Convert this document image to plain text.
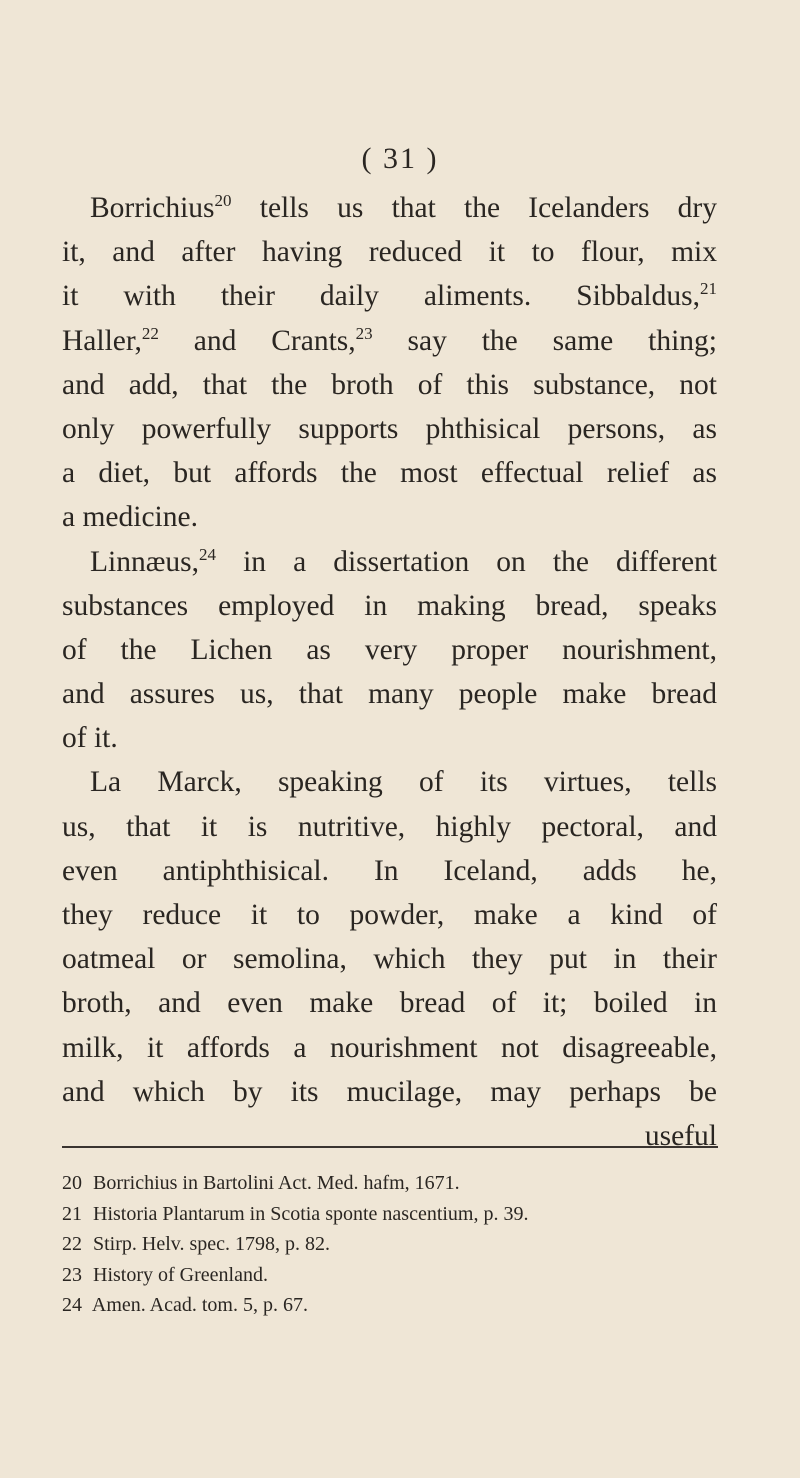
( 31 )
Borrichius$^{20}$ tells us that the Icelanders dry
it, and after having reduced it to flour, mix
it with their daily aliments. Sibbaldus,$^{21}$
Haller,$^{22}$ and Crants,$^{23}$ say the same thing;
and add, that the broth of this substance, not
only powerfully supports phthisical persons, as
a diet, but affords the most effectual relief as
a medicine.
Linnæus,$^{24}$ in a dissertation on the different
substances employed in making bread, speaks
of the Lichen as very proper nourishment,
and assures us, that many people make bread
of it.
La Marck, speaking of its virtues, tells
us, that it is nutritive, highly pectoral, and
even antiphthisical. In Iceland, adds he,
they reduce it to powder, make a kind of
oatmeal or semolina, which they put in their
broth, and even make bread of it; boiled in
milk, it affords a nourishment not disagreeable,
and which by its mucilage, may perhaps be
useful
20 Borrichius in Bartolini Act. Med. hafm, 1671.
21 Historia Plantarum in Scotia sponte nascentium, p. 39.
22 Stirp. Helv. spec. 1798, p. 82.
23 History of Greenland.
24 Amen. Acad. tom. 5, p. 67.
